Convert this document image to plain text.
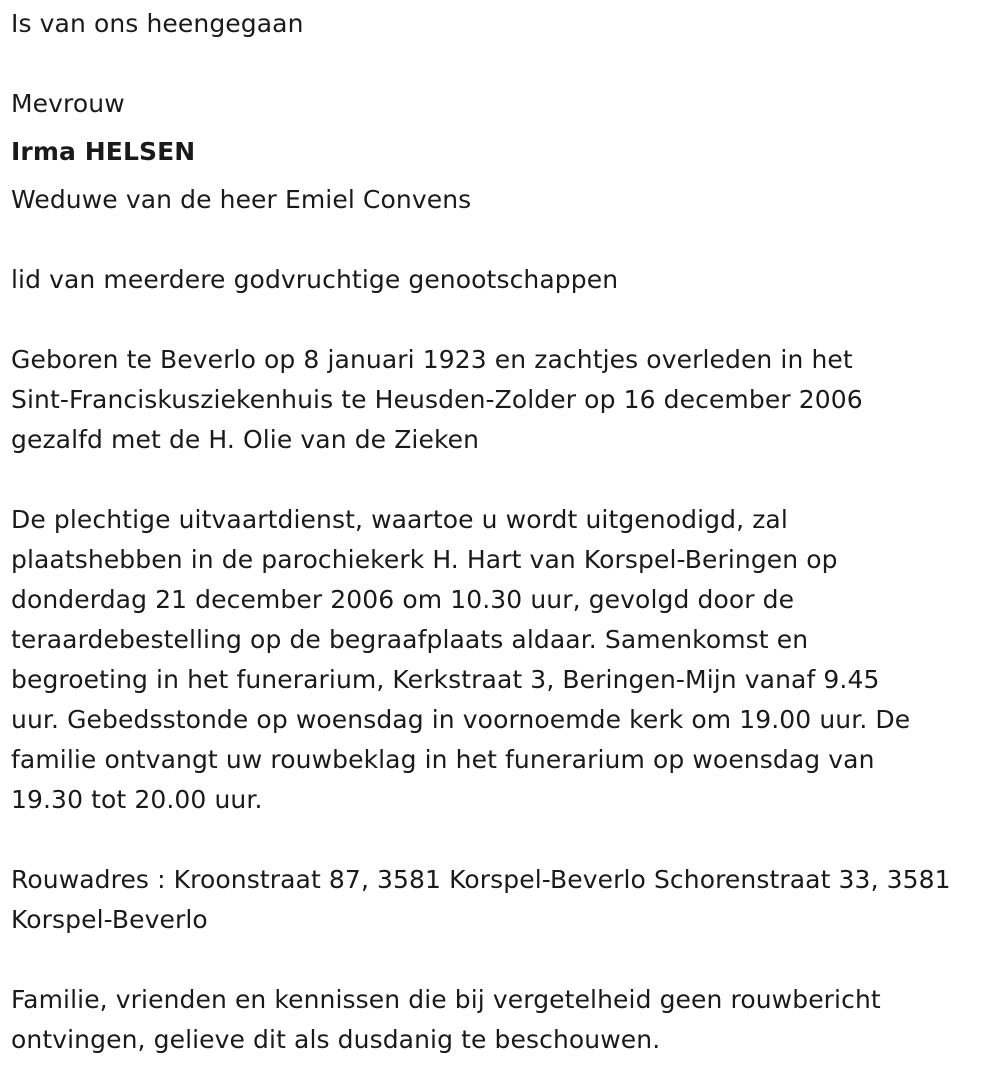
Is van ons heengegaan
Mevrouw
Irma HELSEN
Weduwe van de heer Emiel Convens
lid van meerdere godvruchtige genootschappen
Geboren te Beverlo op 8 januari 1923 en zachtjes overleden in het
Sint-Franciskusziekenhuis te Heusden-Zolder op 16 december 2006
gezalfd met de H. Olie van de Zieken
De plechtige uitvaartdienst, waartoe u wordt uitgenodigd, zal
plaatshebben in de parochiekerk H. Hart van Korspel-Beringen op
donderdag 21 december 2006 om 10.30 uur, gevolgd door de
teraardebestelling op de begraafplaats aldaar. Samenkomst en
begroeting in het funerarium, Kerkstraat 3, Beringen-Mijn vanaf 9.45
uur. Gebedsstonde op woensdag in voornoemde kerk om 19.00 uur. De
familie ontvangt uw rouwbeklag in het funerarium op woensdag van
19.30 tot 20.00 uur.
Rouwadres : Kroonstraat 87, 3581 Korspel-Beverlo Schorenstraat 33, 3581
Korspel-Beverlo
Familie, vrienden en kennissen die bij vergetelheid geen rouwbericht
ontvingen, gelieve dit als dusdanig te beschouwen.
